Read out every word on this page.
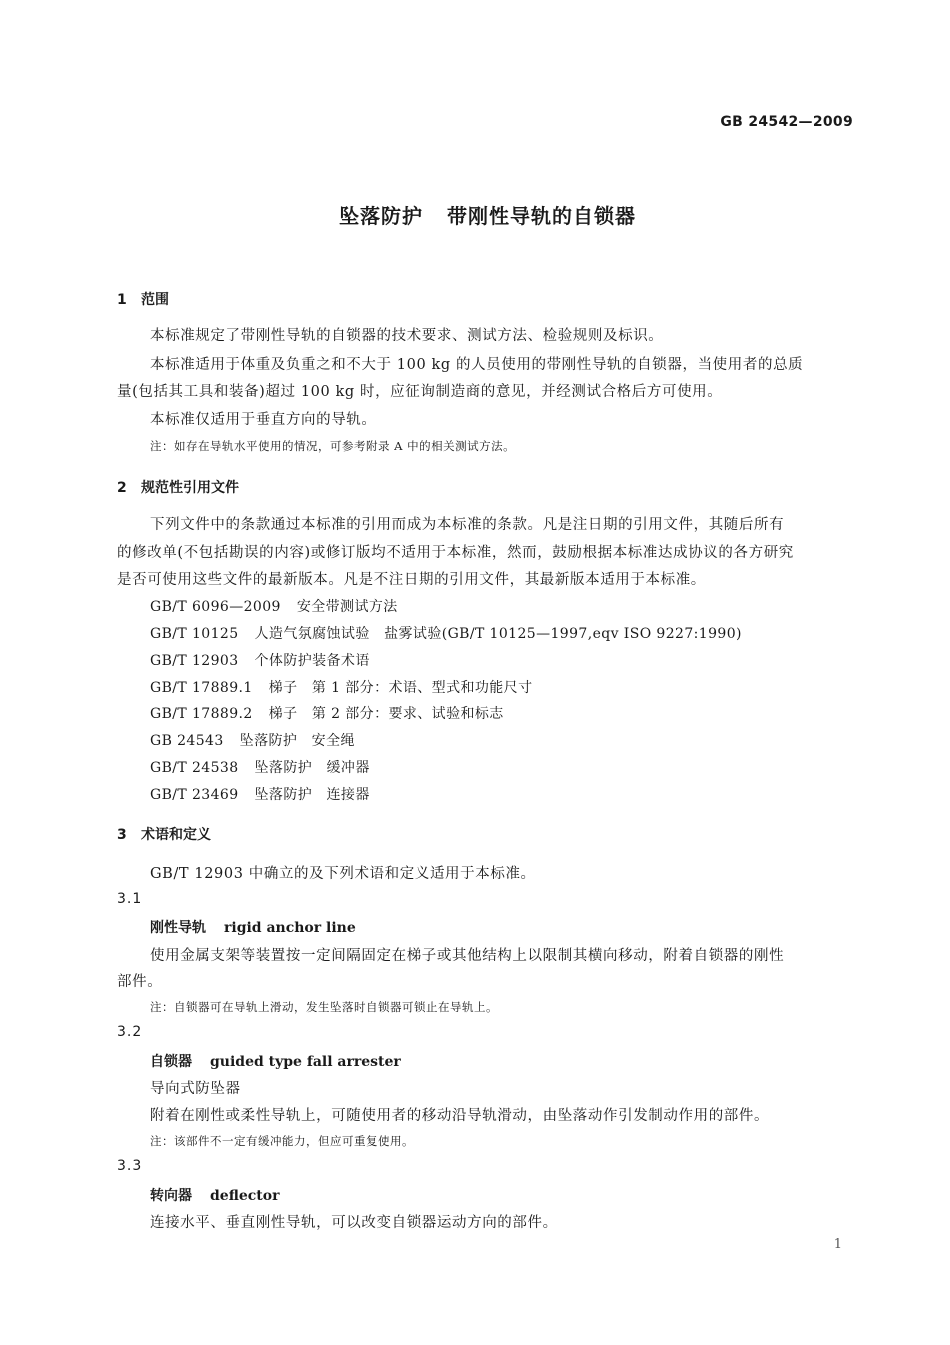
GB 24542—2009
坠落防护 带刚性导轨的自锁器
1 范围
本标准规定了带刚性导轨的自锁器的技术要求、测试方法、检验规则及标识。
本标准适用于体重及负重之和不大于 100 kg 的人员使用的带刚性导轨的自锁器，当使用者的总质
量(包括其工具和装备)超过 100 kg 时，应征询制造商的意见，并经测试合格后方可使用。
本标准仅适用于垂直方向的导轨。
注：如存在导轨水平使用的情况，可参考附录 A 中的相关测试方法。
2 规范性引用文件
下列文件中的条款通过本标准的引用而成为本标准的条款。凡是注日期的引用文件，其随后所有
的修改单(不包括勘误的内容)或修订版均不适用于本标准，然而，鼓励根据本标准达成协议的各方研究
是否可使用这些文件的最新版本。凡是不注日期的引用文件，其最新版本适用于本标准。
GB/T 6096—2009 安全带测试方法
GB/T 10125 人造气氛腐蚀试验　盐雾试验(GB/T 10125—1997,eqv ISO 9227:1990)
GB/T 12903 个体防护装备术语
GB/T 17889.1 梯子　第 1 部分：术语、型式和功能尺寸
GB/T 17889.2 梯子　第 2 部分：要求、试验和标志
GB 24543 坠落防护　安全绳
GB/T 24538 坠落防护　缓冲器
GB/T 23469 坠落防护　连接器
3 术语和定义
GB/T 12903 中确立的及下列术语和定义适用于本标准。
3.1
刚性导轨 rigid anchor line
使用金属支架等装置按一定间隔固定在梯子或其他结构上以限制其横向移动，附着自锁器的刚性
部件。
注：自锁器可在导轨上滑动，发生坠落时自锁器可锁止在导轨上。
3.2
自锁器 guided type fall arrester
导向式防坠器
附着在刚性或柔性导轨上，可随使用者的移动沿导轨滑动，由坠落动作引发制动作用的部件。
注：该部件不一定有缓冲能力，但应可重复使用。
3.3
转向器 deflector
连接水平、垂直刚性导轨，可以改变自锁器运动方向的部件。
1
